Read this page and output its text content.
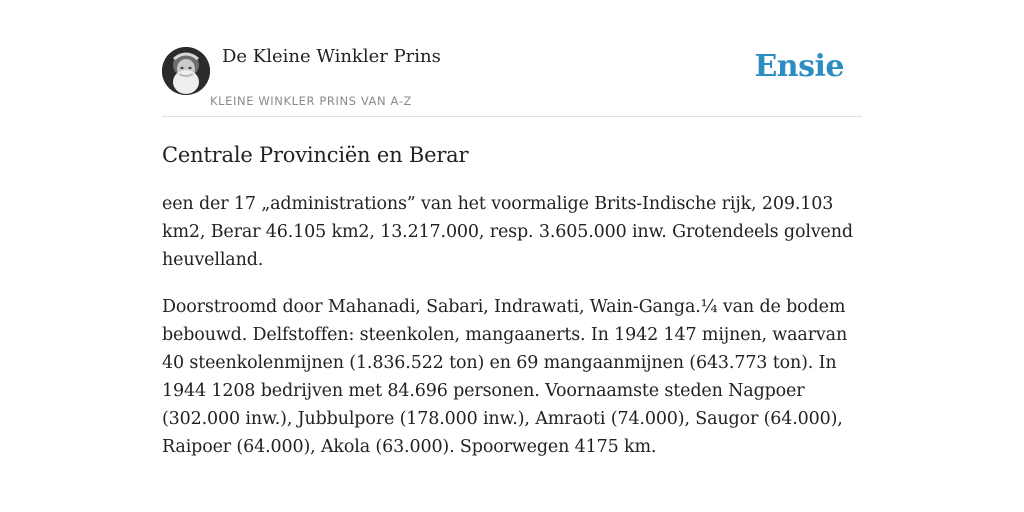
De Kleine Winkler Prins
KLEINE WINKLER PRINS VAN A-Z
Ensie
Centrale Provinciën en Berar

een der 17 „administrations” van het voormalige Brits-Indische rijk, 209.103 km2, Berar 46.105 km2, 13.217.000, resp. 3.605.000 inw. Grotendeels golvend heuvelland.

Doorstroomd door Mahanadi, Sabari, Indrawati, Wain-Ganga.¼ van de bodem bebouwd. Delfstoffen: steenkolen, mangaanerts. In 1942 147 mijnen, waarvan 40 steenkolenmijnen (1.836.522 ton) en 69 mangaanmijnen (643.773 ton). In 1944 1208 bedrijven met 84.696 personen. Voornaamste steden Nagpoer (302.000 inw.), Jubbulpore (178.000 inw.), Amraoti (74.000), Saugor (64.000), Raipoer (64.000), Akola (63.000). Spoorwegen 4175 km.
